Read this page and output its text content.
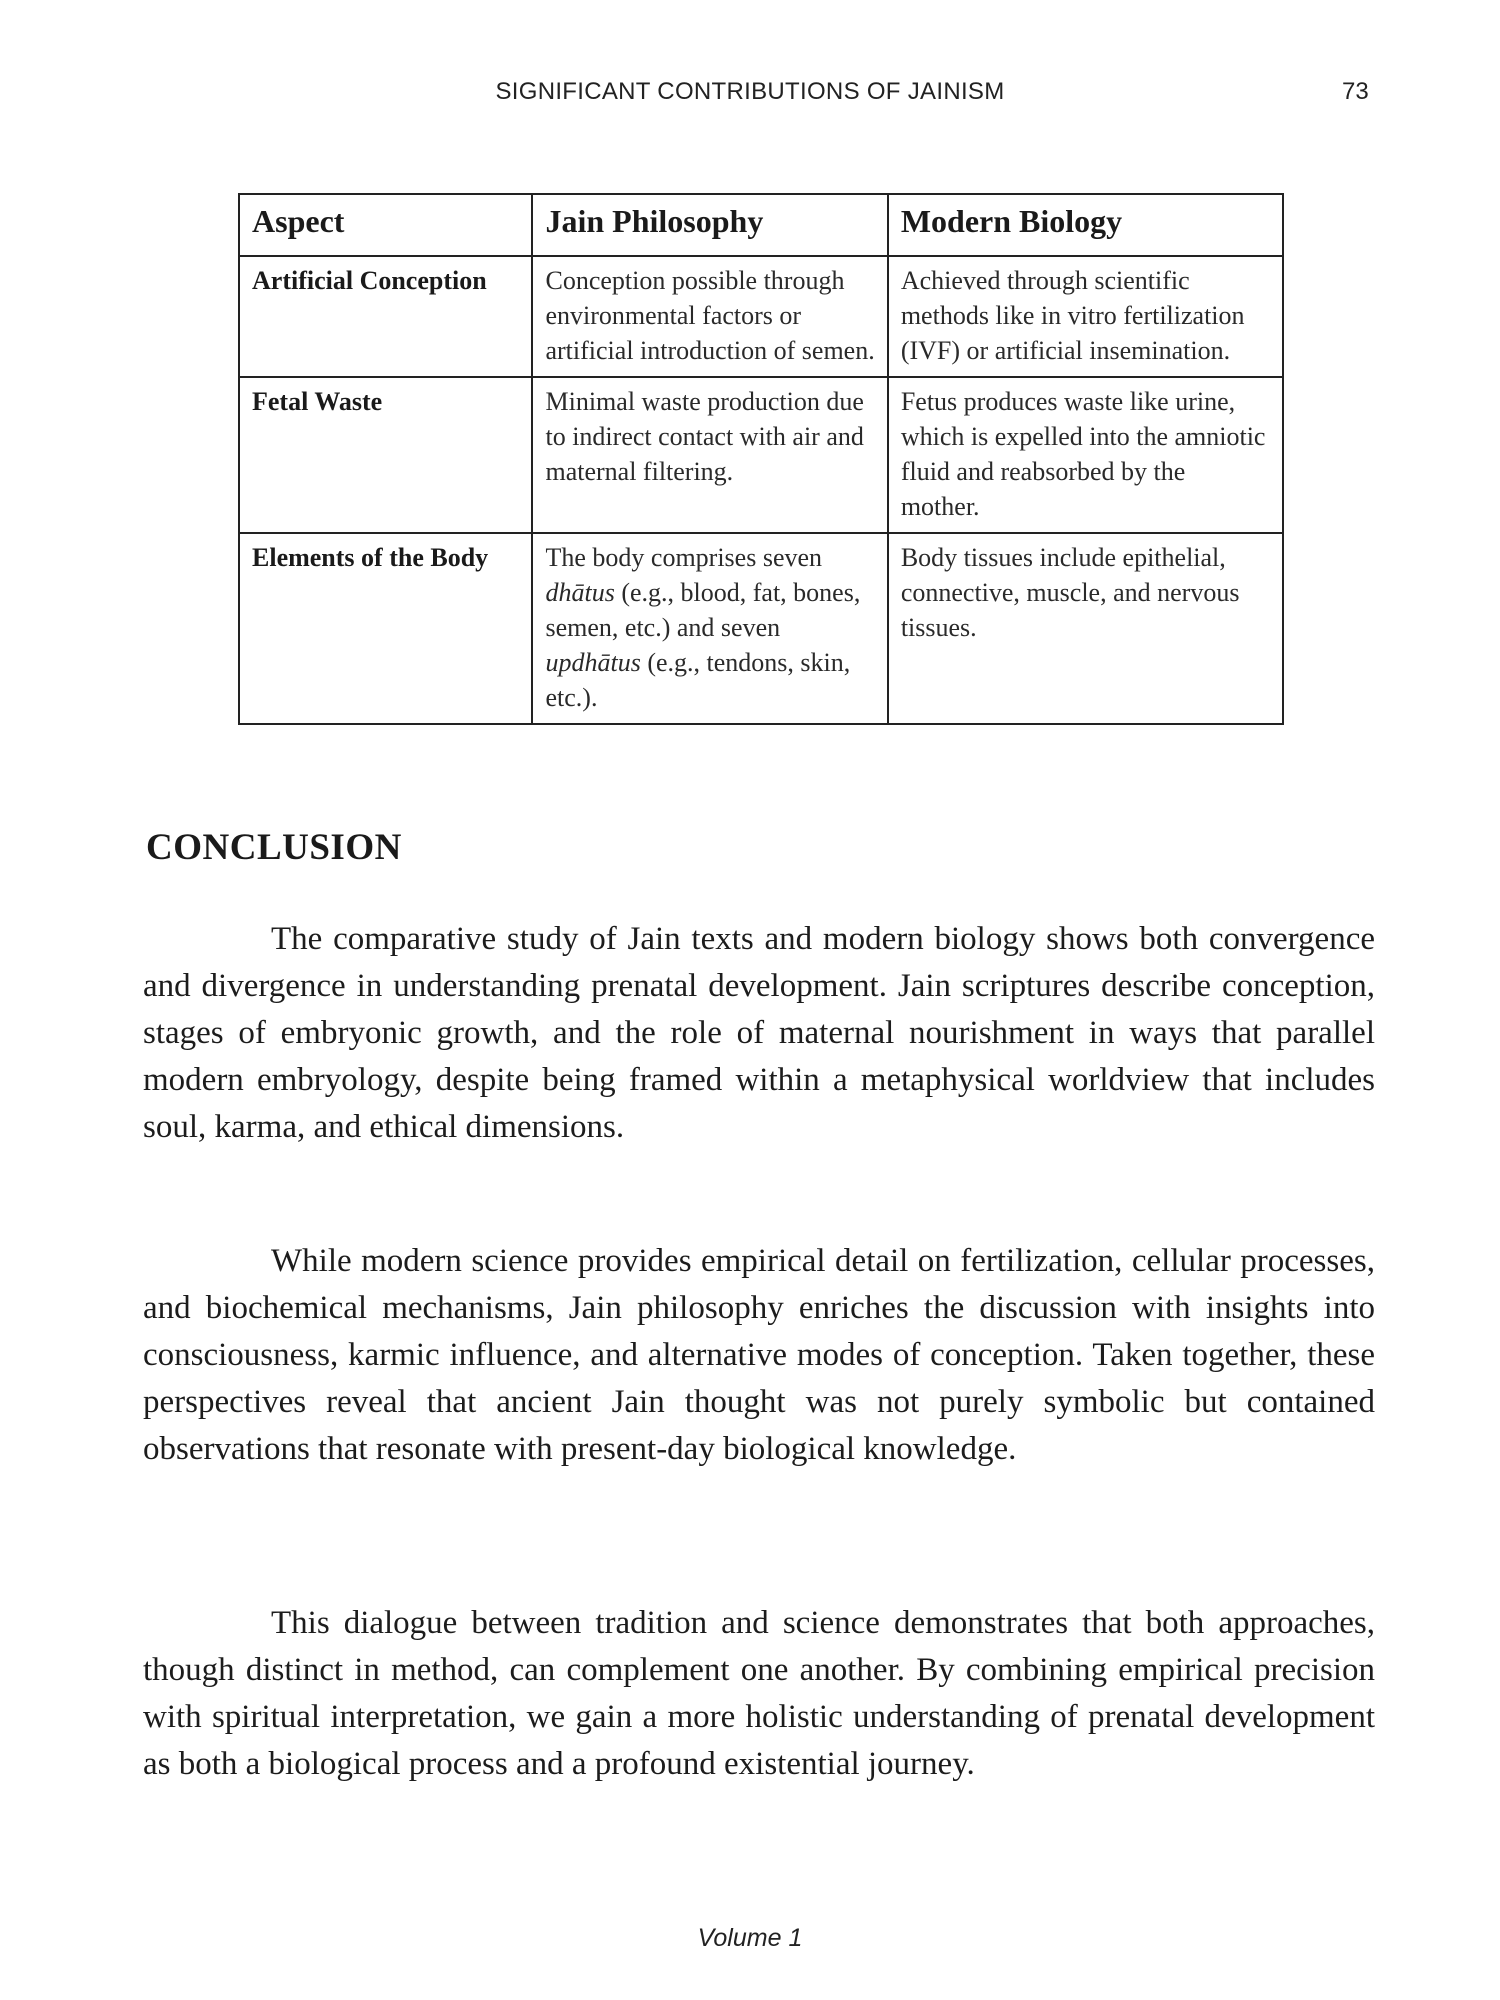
SIGNIFICANT CONTRIBUTIONS OF JAINISM	73
Aspect	Jain Philosophy	Modern Biology
Artificial Conception	Conception possible through environmental factors or artificial introduction of semen.	Achieved through scientific methods like in vitro fertilization (IVF) or artificial insemination.
Fetal Waste	Minimal waste production due to indirect contact with air and maternal filtering.	Fetus produces waste like urine, which is expelled into the amniotic fluid and reabsorbed by the mother.
Elements of the Body	The body comprises seven dhātus (e.g., blood, fat, bones, semen, etc.) and seven updhātus (e.g., tendons, skin, etc.).	Body tissues include epithelial, connective, muscle, and nervous tissues.
CONCLUSION

The comparative study of Jain texts and modern biology shows both convergence and divergence in understanding prenatal development. Jain scriptures describe conception, stages of embryonic growth, and the role of maternal nourishment in ways that parallel modern embryology, despite being framed within a metaphysical worldview that includes soul, karma, and ethical dimensions.

While modern science provides empirical detail on fertilization, cellular processes, and biochemical mechanisms, Jain philosophy enriches the discussion with insights into consciousness, karmic influence, and alternative modes of conception. Taken together, these perspectives reveal that ancient Jain thought was not purely symbolic but contained observations that resonate with present-day biological knowledge.

This dialogue between tradition and science demonstrates that both approaches, though distinct in method, can complement one another. By combining empirical precision with spiritual interpretation, we gain a more holistic understanding of prenatal development as both a biological process and a profound existential journey.

Volume 1
